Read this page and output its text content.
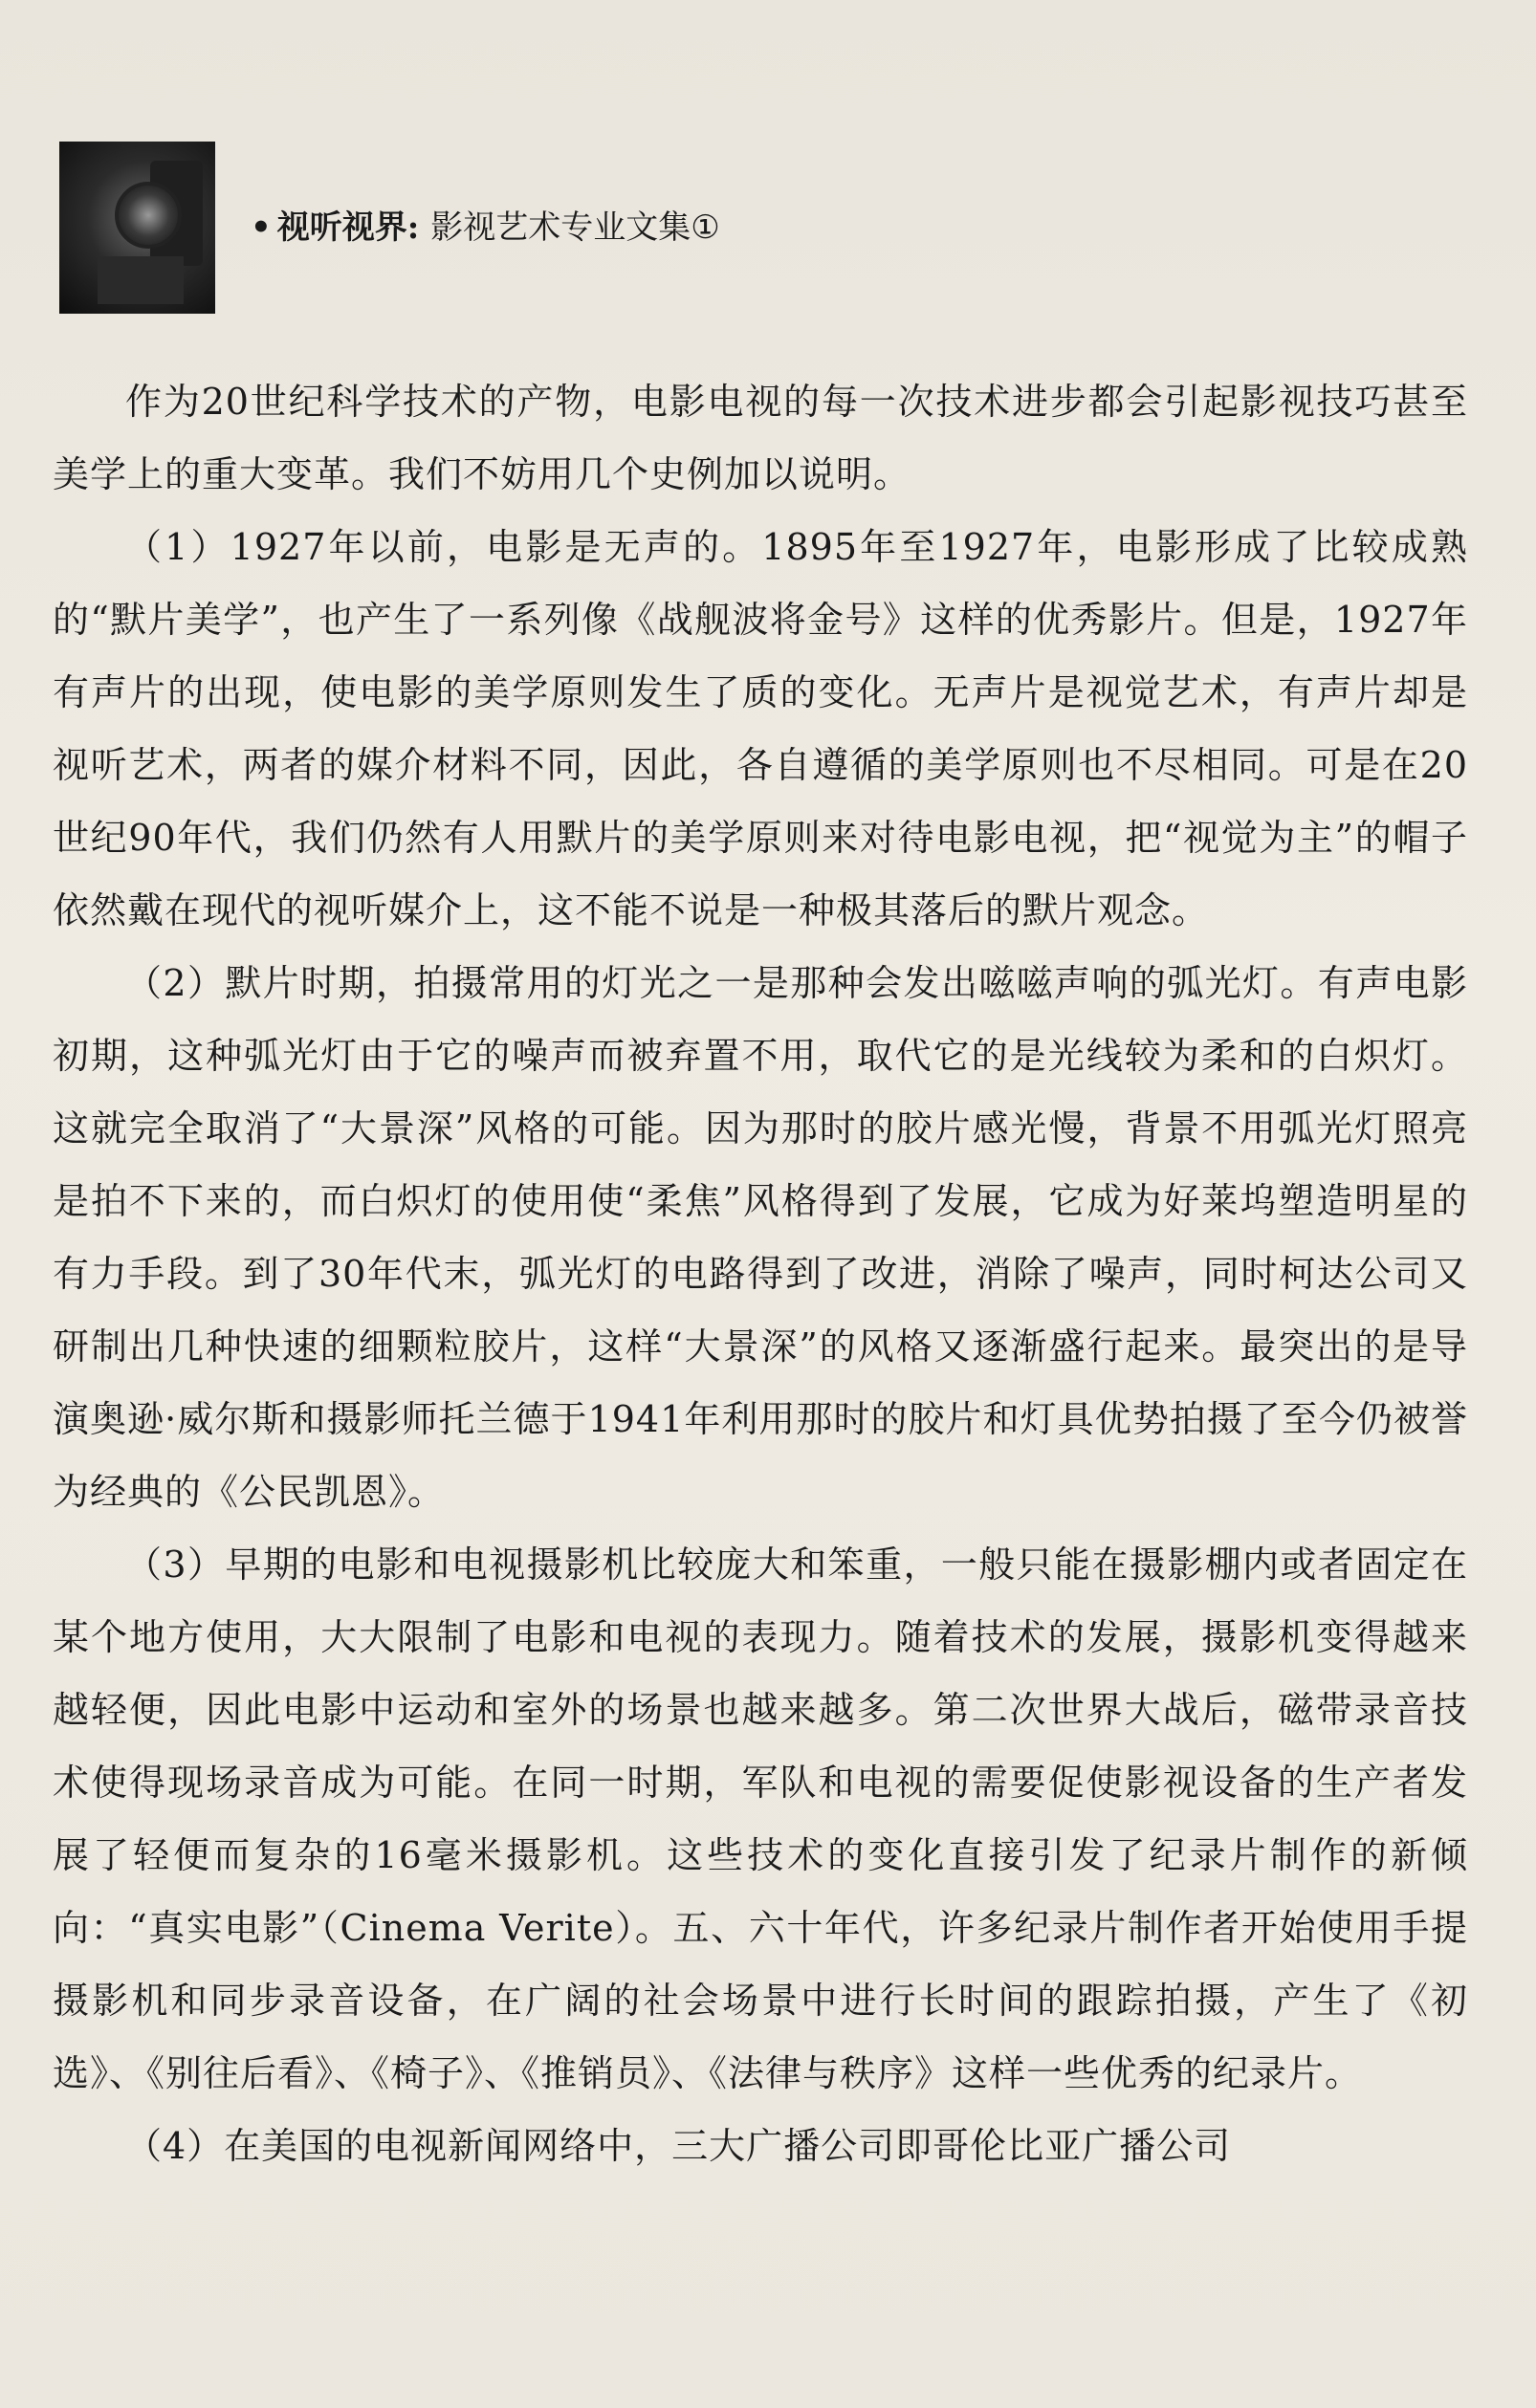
• 视听视界: 影视艺术专业文集①

作为20世纪科学技术的产物，电影电视的每一次技术进步都会引起影视技巧甚至美学上的重大变革。我们不妨用几个史例加以说明。

（1）1927年以前，电影是无声的。1895年至1927年，电影形成了比较成熟的“默片美学”，也产生了一系列像《战舰波将金号》这样的优秀影片。但是，1927年有声片的出现，使电影的美学原则发生了质的变化。无声片是视觉艺术，有声片却是视听艺术，两者的媒介材料不同，因此，各自遵循的美学原则也不尽相同。可是在20世纪90年代，我们仍然有人用默片的美学原则来对待电影电视，把“视觉为主”的帽子依然戴在现代的视听媒介上，这不能不说是一种极其落后的默片观念。

（2）默片时期，拍摄常用的灯光之一是那种会发出嗞嗞声响的弧光灯。有声电影初期，这种弧光灯由于它的噪声而被弃置不用，取代它的是光线较为柔和的白炽灯。这就完全取消了“大景深”风格的可能。因为那时的胶片感光慢，背景不用弧光灯照亮是拍不下来的，而白炽灯的使用使“柔焦”风格得到了发展，它成为好莱坞塑造明星的有力手段。到了30年代末，弧光灯的电路得到了改进，消除了噪声，同时柯达公司又研制出几种快速的细颗粒胶片，这样“大景深”的风格又逐渐盛行起来。最突出的是导演奥逊·威尔斯和摄影师托兰德于1941年利用那时的胶片和灯具优势拍摄了至今仍被誉为经典的《公民凯恩》。

（3）早期的电影和电视摄影机比较庞大和笨重，一般只能在摄影棚内或者固定在某个地方使用，大大限制了电影和电视的表现力。随着技术的发展，摄影机变得越来越轻便，因此电影中运动和室外的场景也越来越多。第二次世界大战后，磁带录音技术使得现场录音成为可能。在同一时期，军队和电视的需要促使影视设备的生产者发展了轻便而复杂的16毫米摄影机。这些技术的变化直接引发了纪录片制作的新倾向：“真实电影”（Cinema Verite）。五、六十年代，许多纪录片制作者开始使用手提摄影机和同步录音设备，在广阔的社会场景中进行长时间的跟踪拍摄，产生了《初选》、《别往后看》、《椅子》、《推销员》、《法律与秩序》这样一些优秀的纪录片。

（4）在美国的电视新闻网络中，三大广播公司即哥伦比亚广播公司
